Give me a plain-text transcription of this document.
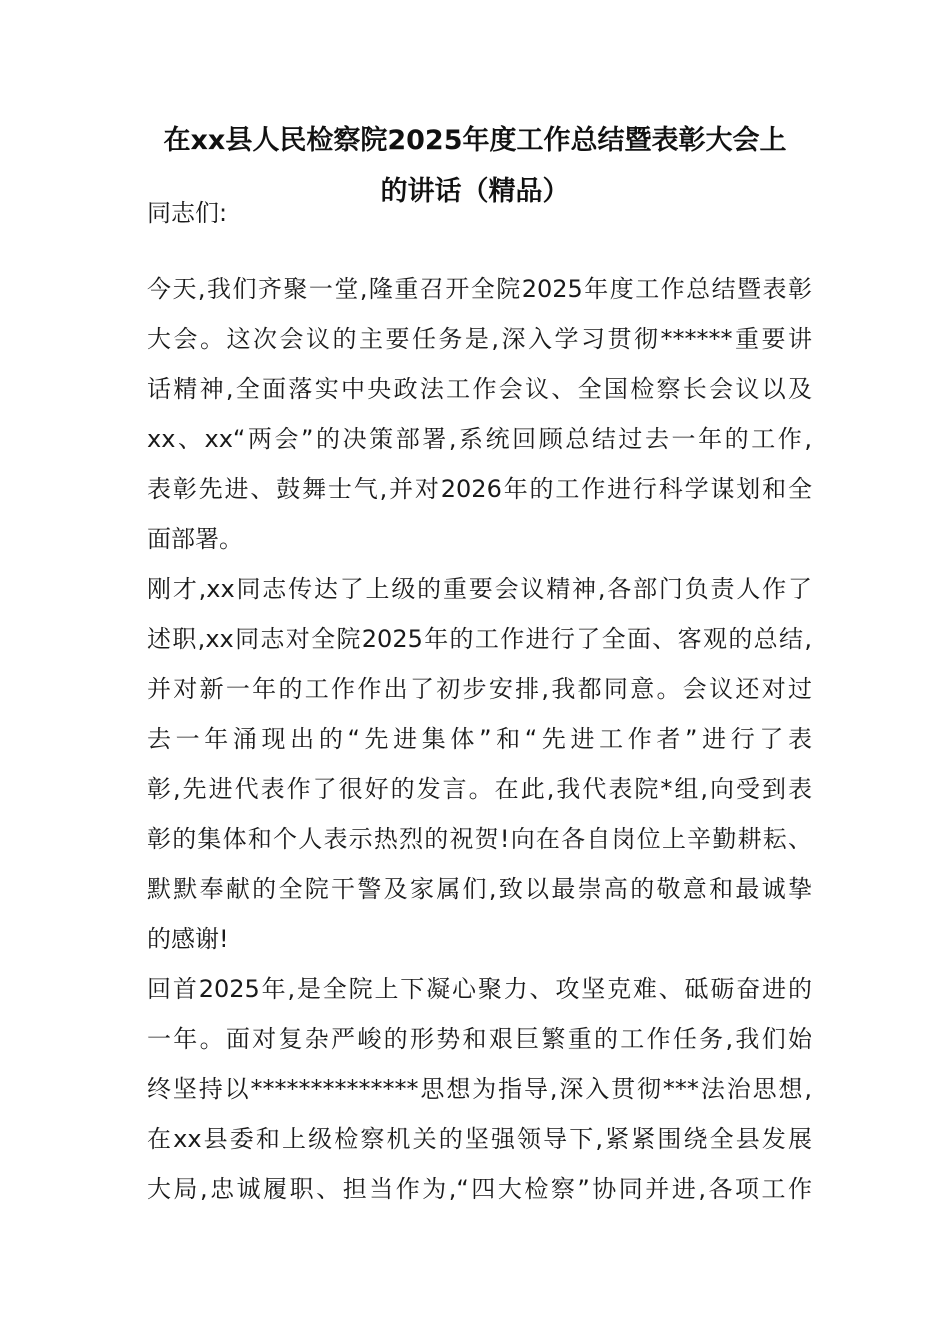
在xx县人民检察院2025年度工作总结暨表彰大会上
的讲话（精品）
同志们:
今天,我们齐聚一堂,隆重召开全院2025年度工作总结暨表彰
大会。这次会议的主要任务是,深入学习贯彻******重要讲
话精神,全面落实中央政法工作会议、全国检察长会议以及
xx、xx“两会”的决策部署,系统回顾总结过去一年的工作,
表彰先进、鼓舞士气,并对2026年的工作进行科学谋划和全
面部署。
刚才,xx同志传达了上级的重要会议精神,各部门负责人作了
述职,xx同志对全院2025年的工作进行了全面、客观的总结,
并对新一年的工作作出了初步安排,我都同意。会议还对过
去一年涌现出的“先进集体”和“先进工作者”进行了表
彰,先进代表作了很好的发言。在此,我代表院*组,向受到表
彰的集体和个人表示热烈的祝贺!向在各自岗位上辛勤耕耘、
默默奉献的全院干警及家属们,致以最崇高的敬意和最诚挚
的感谢!
回首2025年,是全院上下凝心聚力、攻坚克难、砥砺奋进的
一年。面对复杂严峻的形势和艰巨繁重的工作任务,我们始
终坚持以**************思想为指导,深入贯彻***法治思想,
在xx县委和上级检察机关的坚强领导下,紧紧围绕全县发展
大局,忠诚履职、担当作为,“四大检察”协同并进,各项工作
